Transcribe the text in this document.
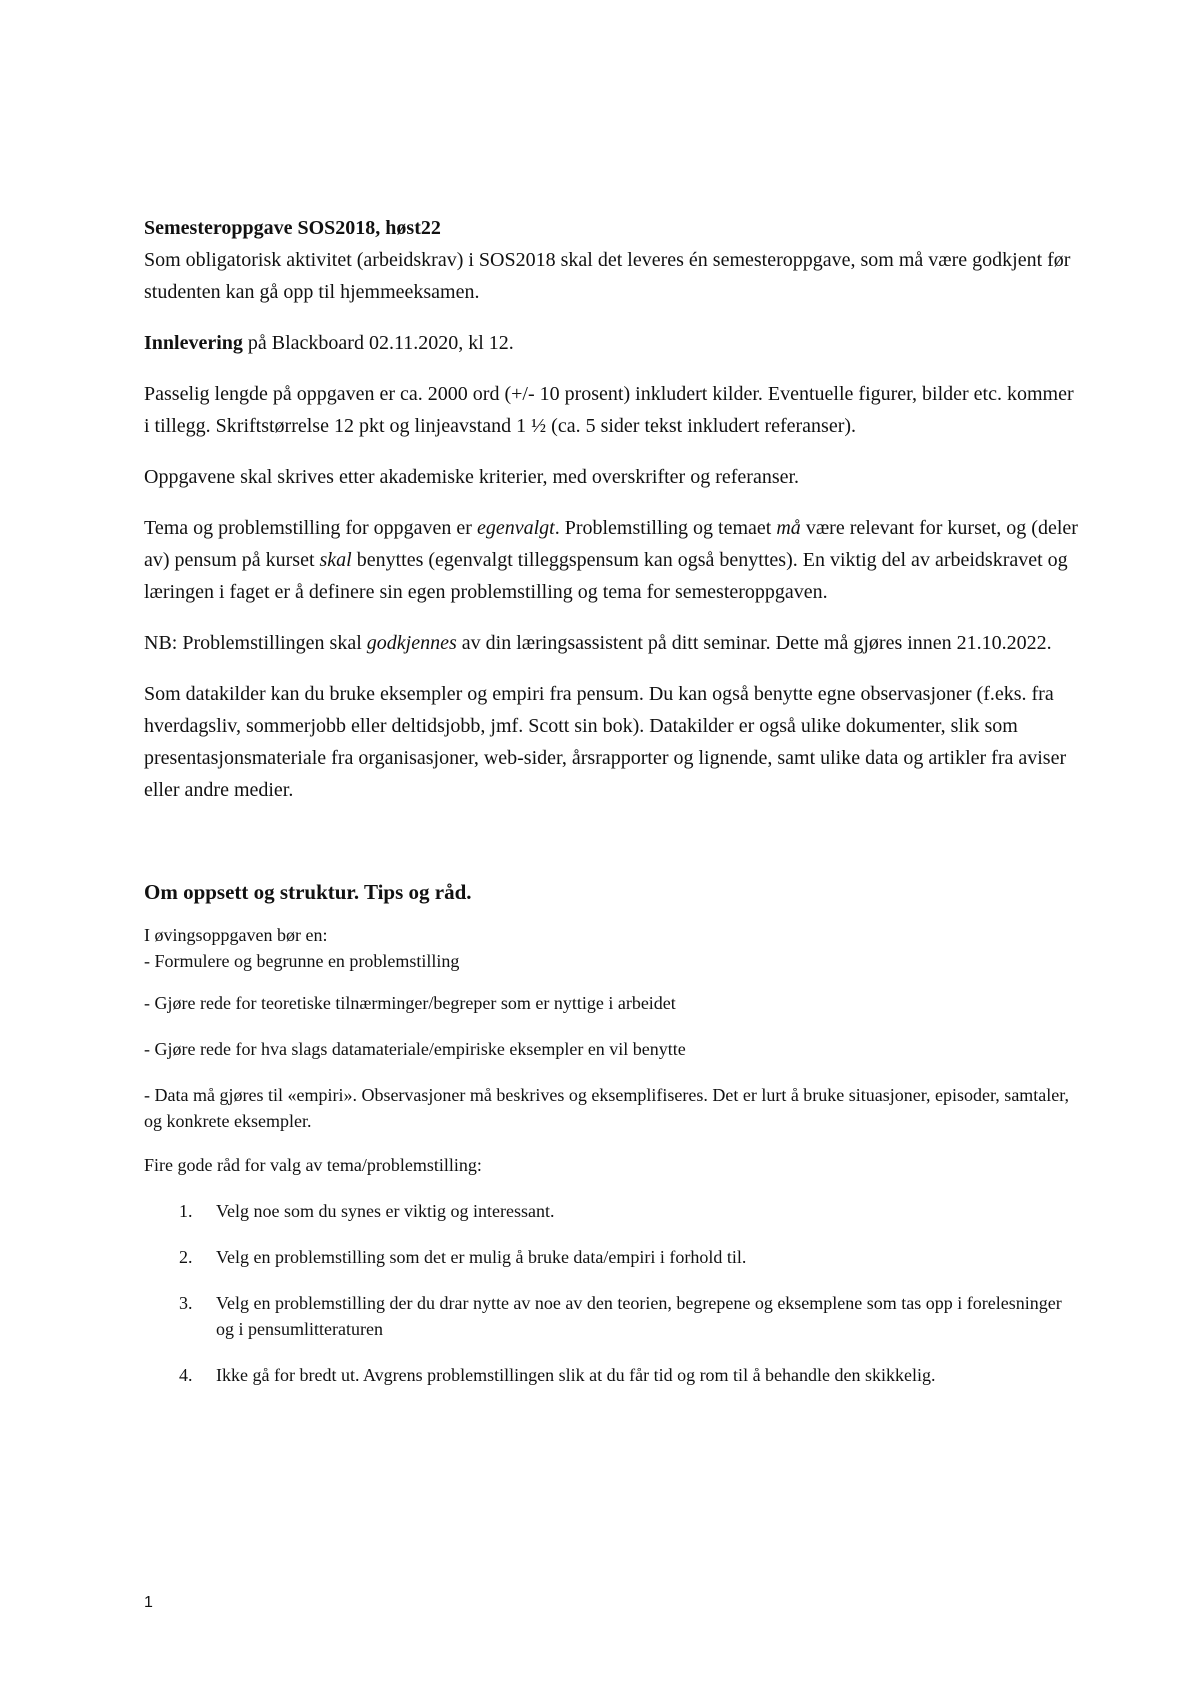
Semesteroppgave SOS2018, høst22

Som obligatorisk aktivitet (arbeidskrav) i SOS2018 skal det leveres én semesteroppgave, som må være godkjent før studenten kan gå opp til hjemmeeksamen.

Innlevering på Blackboard 02.11.2020, kl 12.

Passelig lengde på oppgaven er ca. 2000 ord (+/- 10 prosent) inkludert kilder. Eventuelle figurer, bilder etc. kommer i tillegg. Skriftstørrelse 12 pkt og linjeavstand 1 ½ (ca. 5 sider tekst inkludert referanser).

Oppgavene skal skrives etter akademiske kriterier, med overskrifter og referanser.

Tema og problemstilling for oppgaven er egenvalgt. Problemstilling og temaet må være relevant for kurset, og (deler av) pensum på kurset skal benyttes (egenvalgt tilleggspensum kan også benyttes). En viktig del av arbeidskravet og læringen i faget er å definere sin egen problemstilling og tema for semesteroppgaven.

NB: Problemstillingen skal godkjennes av din læringsassistent på ditt seminar. Dette må gjøres innen 21.10.2022.

Som datakilder kan du bruke eksempler og empiri fra pensum. Du kan også benytte egne observasjoner (f.eks. fra hverdagsliv, sommerjobb eller deltidsjobb, jmf. Scott sin bok). Datakilder er også ulike dokumenter, slik som presentasjonsmateriale fra organisasjoner, web-sider, årsrapporter og lignende, samt ulike data og artikler fra aviser eller andre medier.

Om oppsett og struktur. Tips og råd.

I øvingsoppgaven bør en:

- Formulere og begrunne en problemstilling

- Gjøre rede for teoretiske tilnærminger/begreper som er nyttige i arbeidet

- Gjøre rede for hva slags datamateriale/empiriske eksempler en vil benytte

- Data må gjøres til «empiri». Observasjoner må beskrives og eksemplifiseres. Det er lurt å bruke situasjoner, episoder, samtaler, og konkrete eksempler.

Fire gode råd for valg av tema/problemstilling:

1. Velg noe som du synes er viktig og interessant.
2. Velg en problemstilling som det er mulig å bruke data/empiri i forhold til.
3. Velg en problemstilling der du drar nytte av noe av den teorien, begrepene og eksemplene som tas opp i forelesninger og i pensumlitteraturen
4. Ikke gå for bredt ut. Avgrens problemstillingen slik at du får tid og rom til å behandle den skikkelig.
1
